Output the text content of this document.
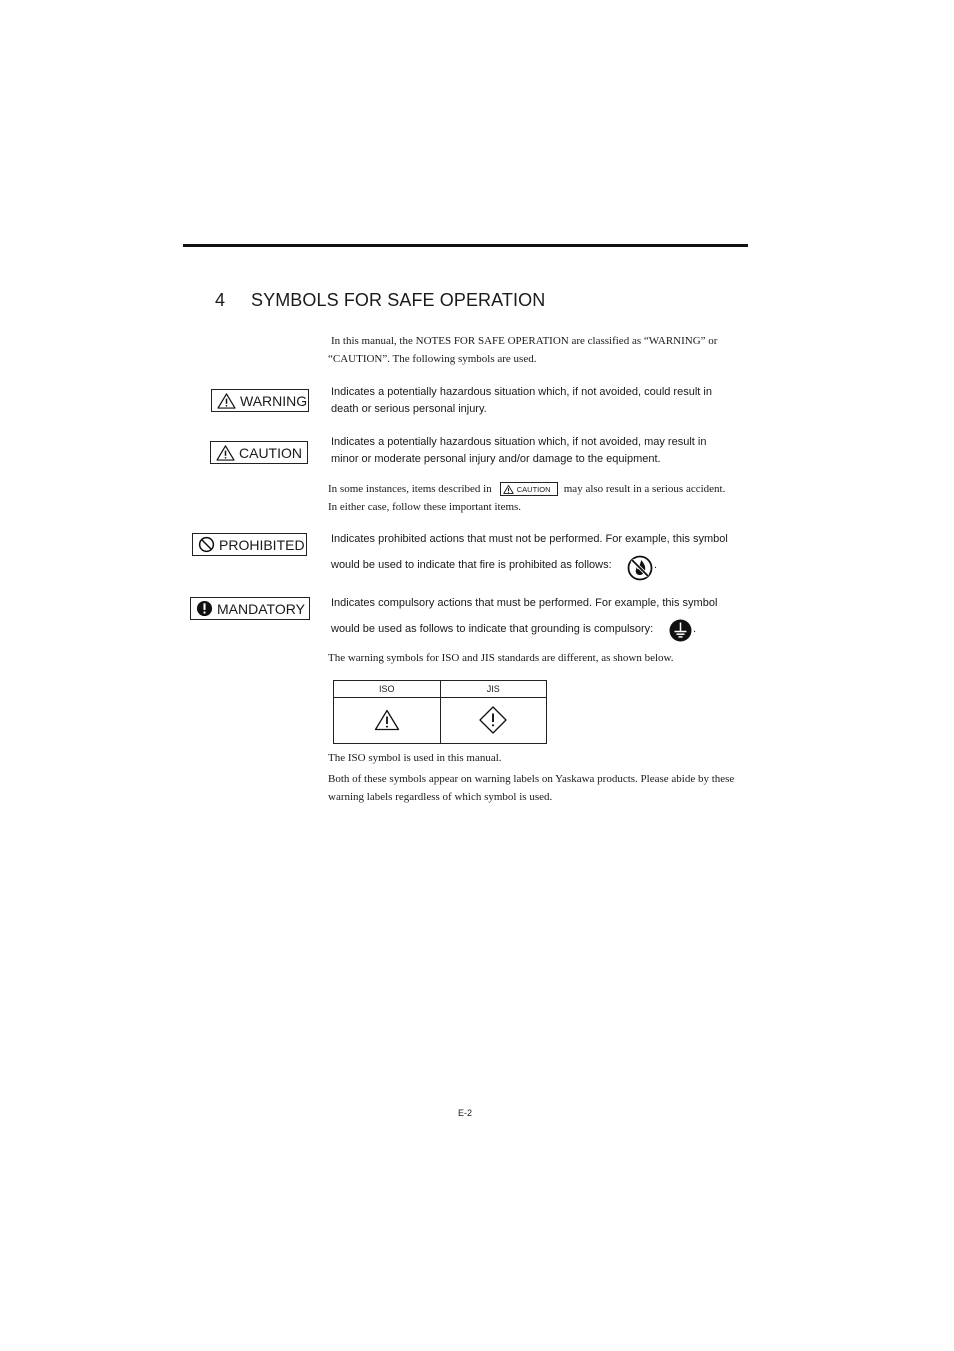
4 SYMBOLS FOR SAFE OPERATION
In this manual, the NOTES FOR SAFE OPERATION are classified as “WARNING” or
“CAUTION”. The following symbols are used.
WARNING
Indicates a potentially hazardous situation which, if not avoided, could result in
death or serious personal injury.
CAUTION
Indicates a potentially hazardous situation which, if not avoided, may result in
minor or moderate personal injury and/or damage to the equipment.
In some instances, items described in	CAUTION may also result in a serious accident.
In either case, follow these important items.
PROHIBITED Indicates prohibited actions that must not be performed. For example, this symbol
would be used to indicate that fire is prohibited as follows:	.
MANDATORY Indicates compulsory actions that must be performed. For example, this symbol
would be used as follows to indicate that grounding is compulsory:	.
The warning symbols for ISO and JIS standards are different, as shown below.
ISO	JIS

The ISO symbol is used in this manual.
Both of these symbols appear on warning labels on Yaskawa products. Please abide by these
warning labels regardless of which symbol is used.
E-2
